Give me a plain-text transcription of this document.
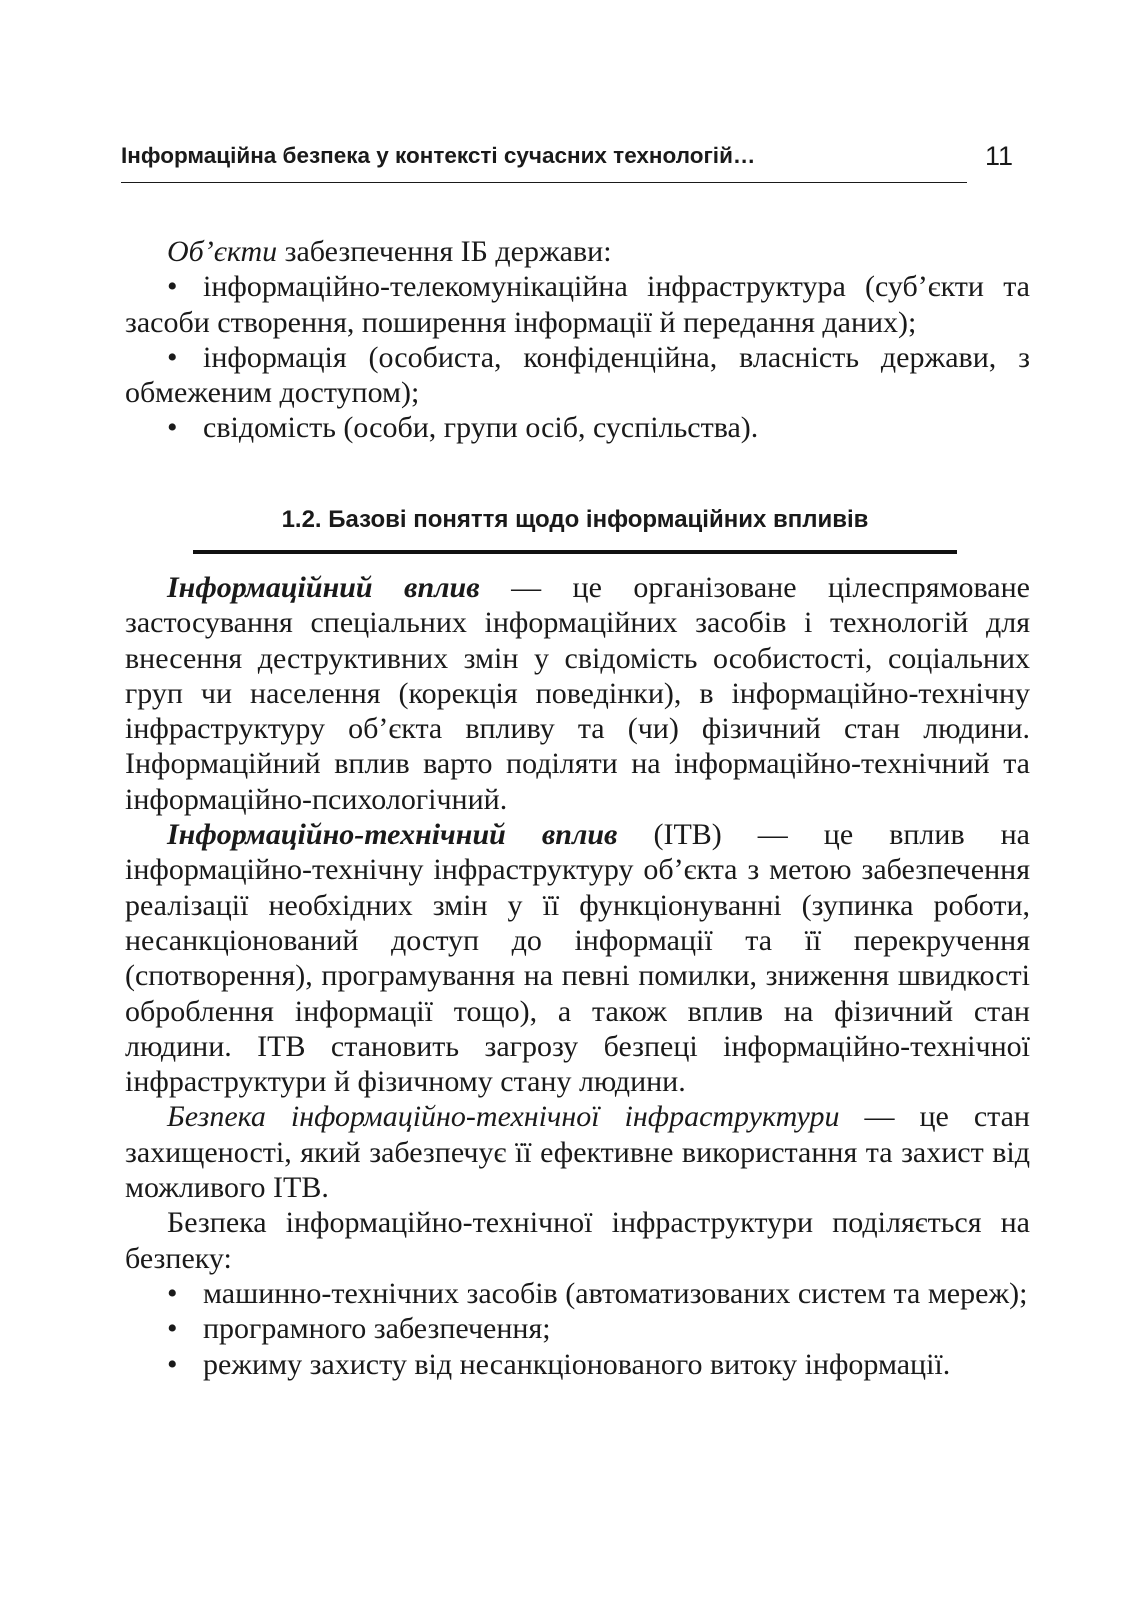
Інформаційна безпека у контексті сучасних технологій…	11

Об’єкти забезпечення ІБ держави:

• інформаційно-телекомунікаційна інфраструктура (суб’єкти та засоби створення, поширення інформації й передання даних);

• інформація (особиста, конфіденційна, власність держави, з обмеженим доступом);

• свідомість (особи, групи осіб, суспільства).

1.2. Базові поняття щодо інформаційних впливів

Інформаційний вплив — це організоване цілеспрямоване застосування спеціальних інформаційних засобів і технологій для внесення деструктивних змін у свідомість особистості, соціальних груп чи населення (корекція поведінки), в інформаційно-технічну інфраструктуру об’єкта впливу та (чи) фізичний стан людини. Інформаційний вплив варто поділяти на інформаційно-технічний та інформаційно-психологічний.

Інформаційно-технічний вплив (ІТВ) — це вплив на інформаційно-технічну інфраструктуру об’єкта з метою забезпечення реалізації необхідних змін у її функціонуванні (зупинка роботи, несанкціонований доступ до інформації та її перекручення (спотворення), програмування на певні помилки, зниження швидкості оброблення інформації тощо), а також вплив на фізичний стан людини. ІТВ становить загрозу безпеці інформаційно-технічної інфраструктури й фізичному стану людини.

Безпека інформаційно-технічної інфраструктури — це стан захищеності, який забезпечує її ефективне використання та захист від можливого ІТВ.

Безпека інформаційно-технічної інфраструктури поділяється на безпеку:

• машинно-технічних засобів (автоматизованих систем та мереж);

• програмного забезпечення;

• режиму захисту від несанкціонованого витоку інформації.
